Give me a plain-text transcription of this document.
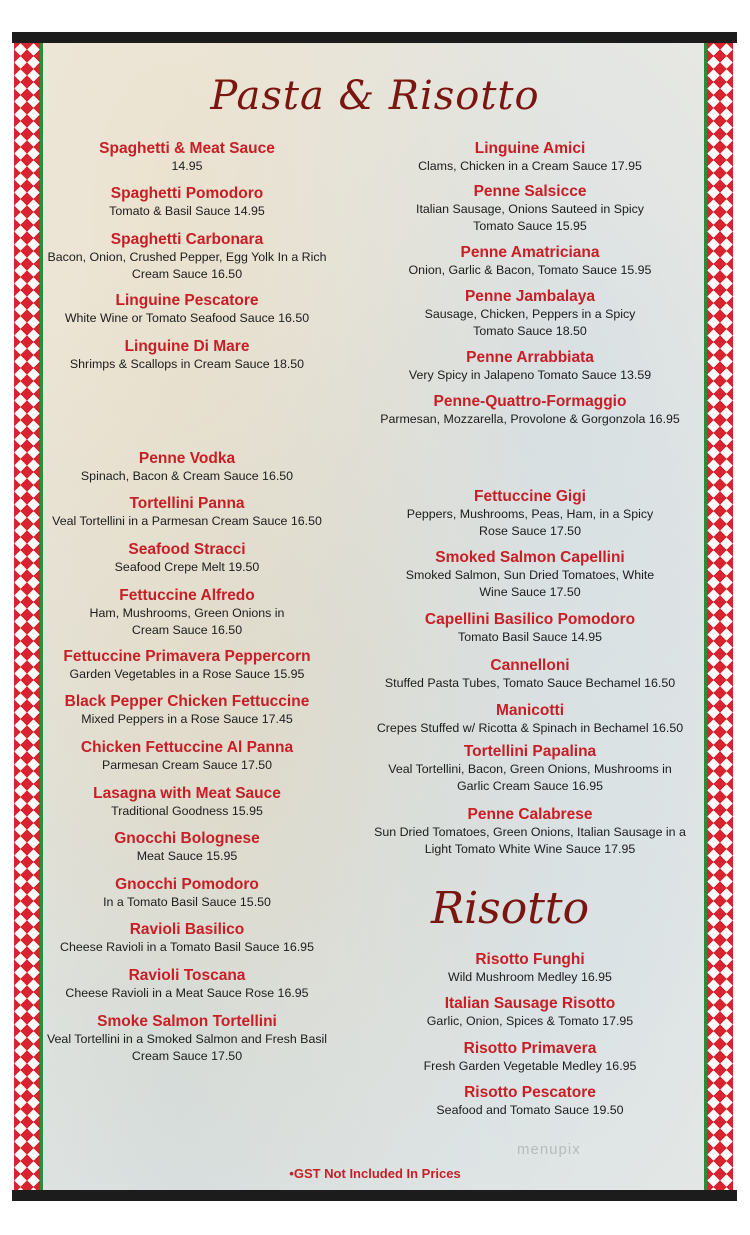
Pasta & Risotto
Risotto
Spaghetti & Meat Sauce
14.95
Spaghetti Pomodoro
Tomato & Basil Sauce 14.95
Spaghetti Carbonara
Bacon, Onion, Crushed Pepper, Egg Yolk In a Rich
Cream Sauce 16.50
Linguine Pescatore
White Wine or Tomato Seafood Sauce 16.50
Linguine Di Mare
Shrimps & Scallops in Cream Sauce 18.50
Penne Vodka
Spinach, Bacon & Cream Sauce 16.50
Tortellini Panna
Veal Tortellini in a Parmesan Cream Sauce 16.50
Seafood Stracci
Seafood Crepe Melt 19.50
Fettuccine Alfredo
Ham, Mushrooms, Green Onions in
Cream Sauce 16.50
Fettuccine Primavera Peppercorn
Garden Vegetables in a Rose Sauce 15.95
Black Pepper Chicken Fettuccine
Mixed Peppers in a Rose Sauce 17.45
Chicken Fettuccine Al Panna
Parmesan Cream Sauce 17.50
Lasagna with Meat Sauce
Traditional Goodness 15.95
Gnocchi Bolognese
Meat Sauce 15.95
Gnocchi Pomodoro
In a Tomato Basil Sauce 15.50
Ravioli Basilico
Cheese Ravioli in a Tomato Basil Sauce 16.95
Ravioli Toscana
Cheese Ravioli in a Meat Sauce Rose 16.95
Smoke Salmon Tortellini
Veal Tortellini in a Smoked Salmon and Fresh Basil
Cream Sauce 17.50
Linguine Amici
Clams, Chicken in a Cream Sauce 17.95
Penne Salsicce
Italian Sausage, Onions Sauteed in Spicy
Tomato Sauce 15.95
Penne Amatriciana
Onion, Garlic & Bacon, Tomato Sauce 15.95
Penne Jambalaya
Sausage, Chicken, Peppers in a Spicy
Tomato Sauce 18.50
Penne Arrabbiata
Very Spicy in Jalapeno Tomato Sauce 13.59
Penne-Quattro-Formaggio
Parmesan, Mozzarella, Provolone & Gorgonzola 16.95
Fettuccine Gigi
Peppers, Mushrooms, Peas, Ham, in a Spicy
Rose Sauce 17.50
Smoked Salmon Capellini
Smoked Salmon, Sun Dried Tomatoes, White
Wine Sauce 17.50
Capellini Basilico Pomodoro
Tomato Basil Sauce 14.95
Cannelloni
Stuffed Pasta Tubes, Tomato Sauce Bechamel 16.50
Manicotti
Crepes Stuffed w/ Ricotta & Spinach in Bechamel 16.50
Tortellini Papalina
Veal Tortellini, Bacon, Green Onions, Mushrooms in
Garlic Cream Sauce 16.95
Penne Calabrese
Sun Dried Tomatoes, Green Onions, Italian Sausage in a
Light Tomato White Wine Sauce 17.95
Risotto Funghi
Wild Mushroom Medley 16.95
Italian Sausage Risotto
Garlic, Onion, Spices & Tomato 17.95
Risotto Primavera
Fresh Garden Vegetable Medley 16.95
Risotto Pescatore
Seafood and Tomato Sauce 19.50
•GST Not Included In Prices
menupix
